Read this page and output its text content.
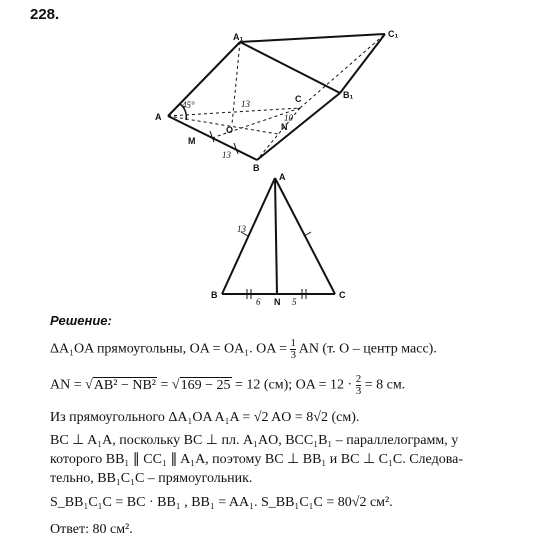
228.
A₁	C₁
B₁
A
B
C
O	N
M
45°	13
13
10
A
B
N
C
13
6	5
Решение:
ΔA₁OA прямоугольны, OA = OA₁. OA = $\frac{1}{3}$ AN (т. O – центр масс).
AN = √AB² − NB² = √169 − 25 = 12 (см); OA = $12 \cdot \frac{2}{3} = 8$ см.
Из прямоугольного ΔA₁OA A₁A = √2 AO = 8√2 (см).
BC ⊥ A₁A, поскольку BC ⊥ пл. A₁AO, BCC₁B₁ – параллелограмм, у
которого BB₁ ∥ CC₁ ∥ A₁A, поэтому BC ⊥ BB₁ и BC ⊥ C₁C. Следова-
тельно, BB₁C₁C – прямоугольник.
S_BB₁C₁C = BC · BB₁ , BB₁ = AA₁. S_BB₁C₁C = 80√2 см².
Ответ: 80 см².
